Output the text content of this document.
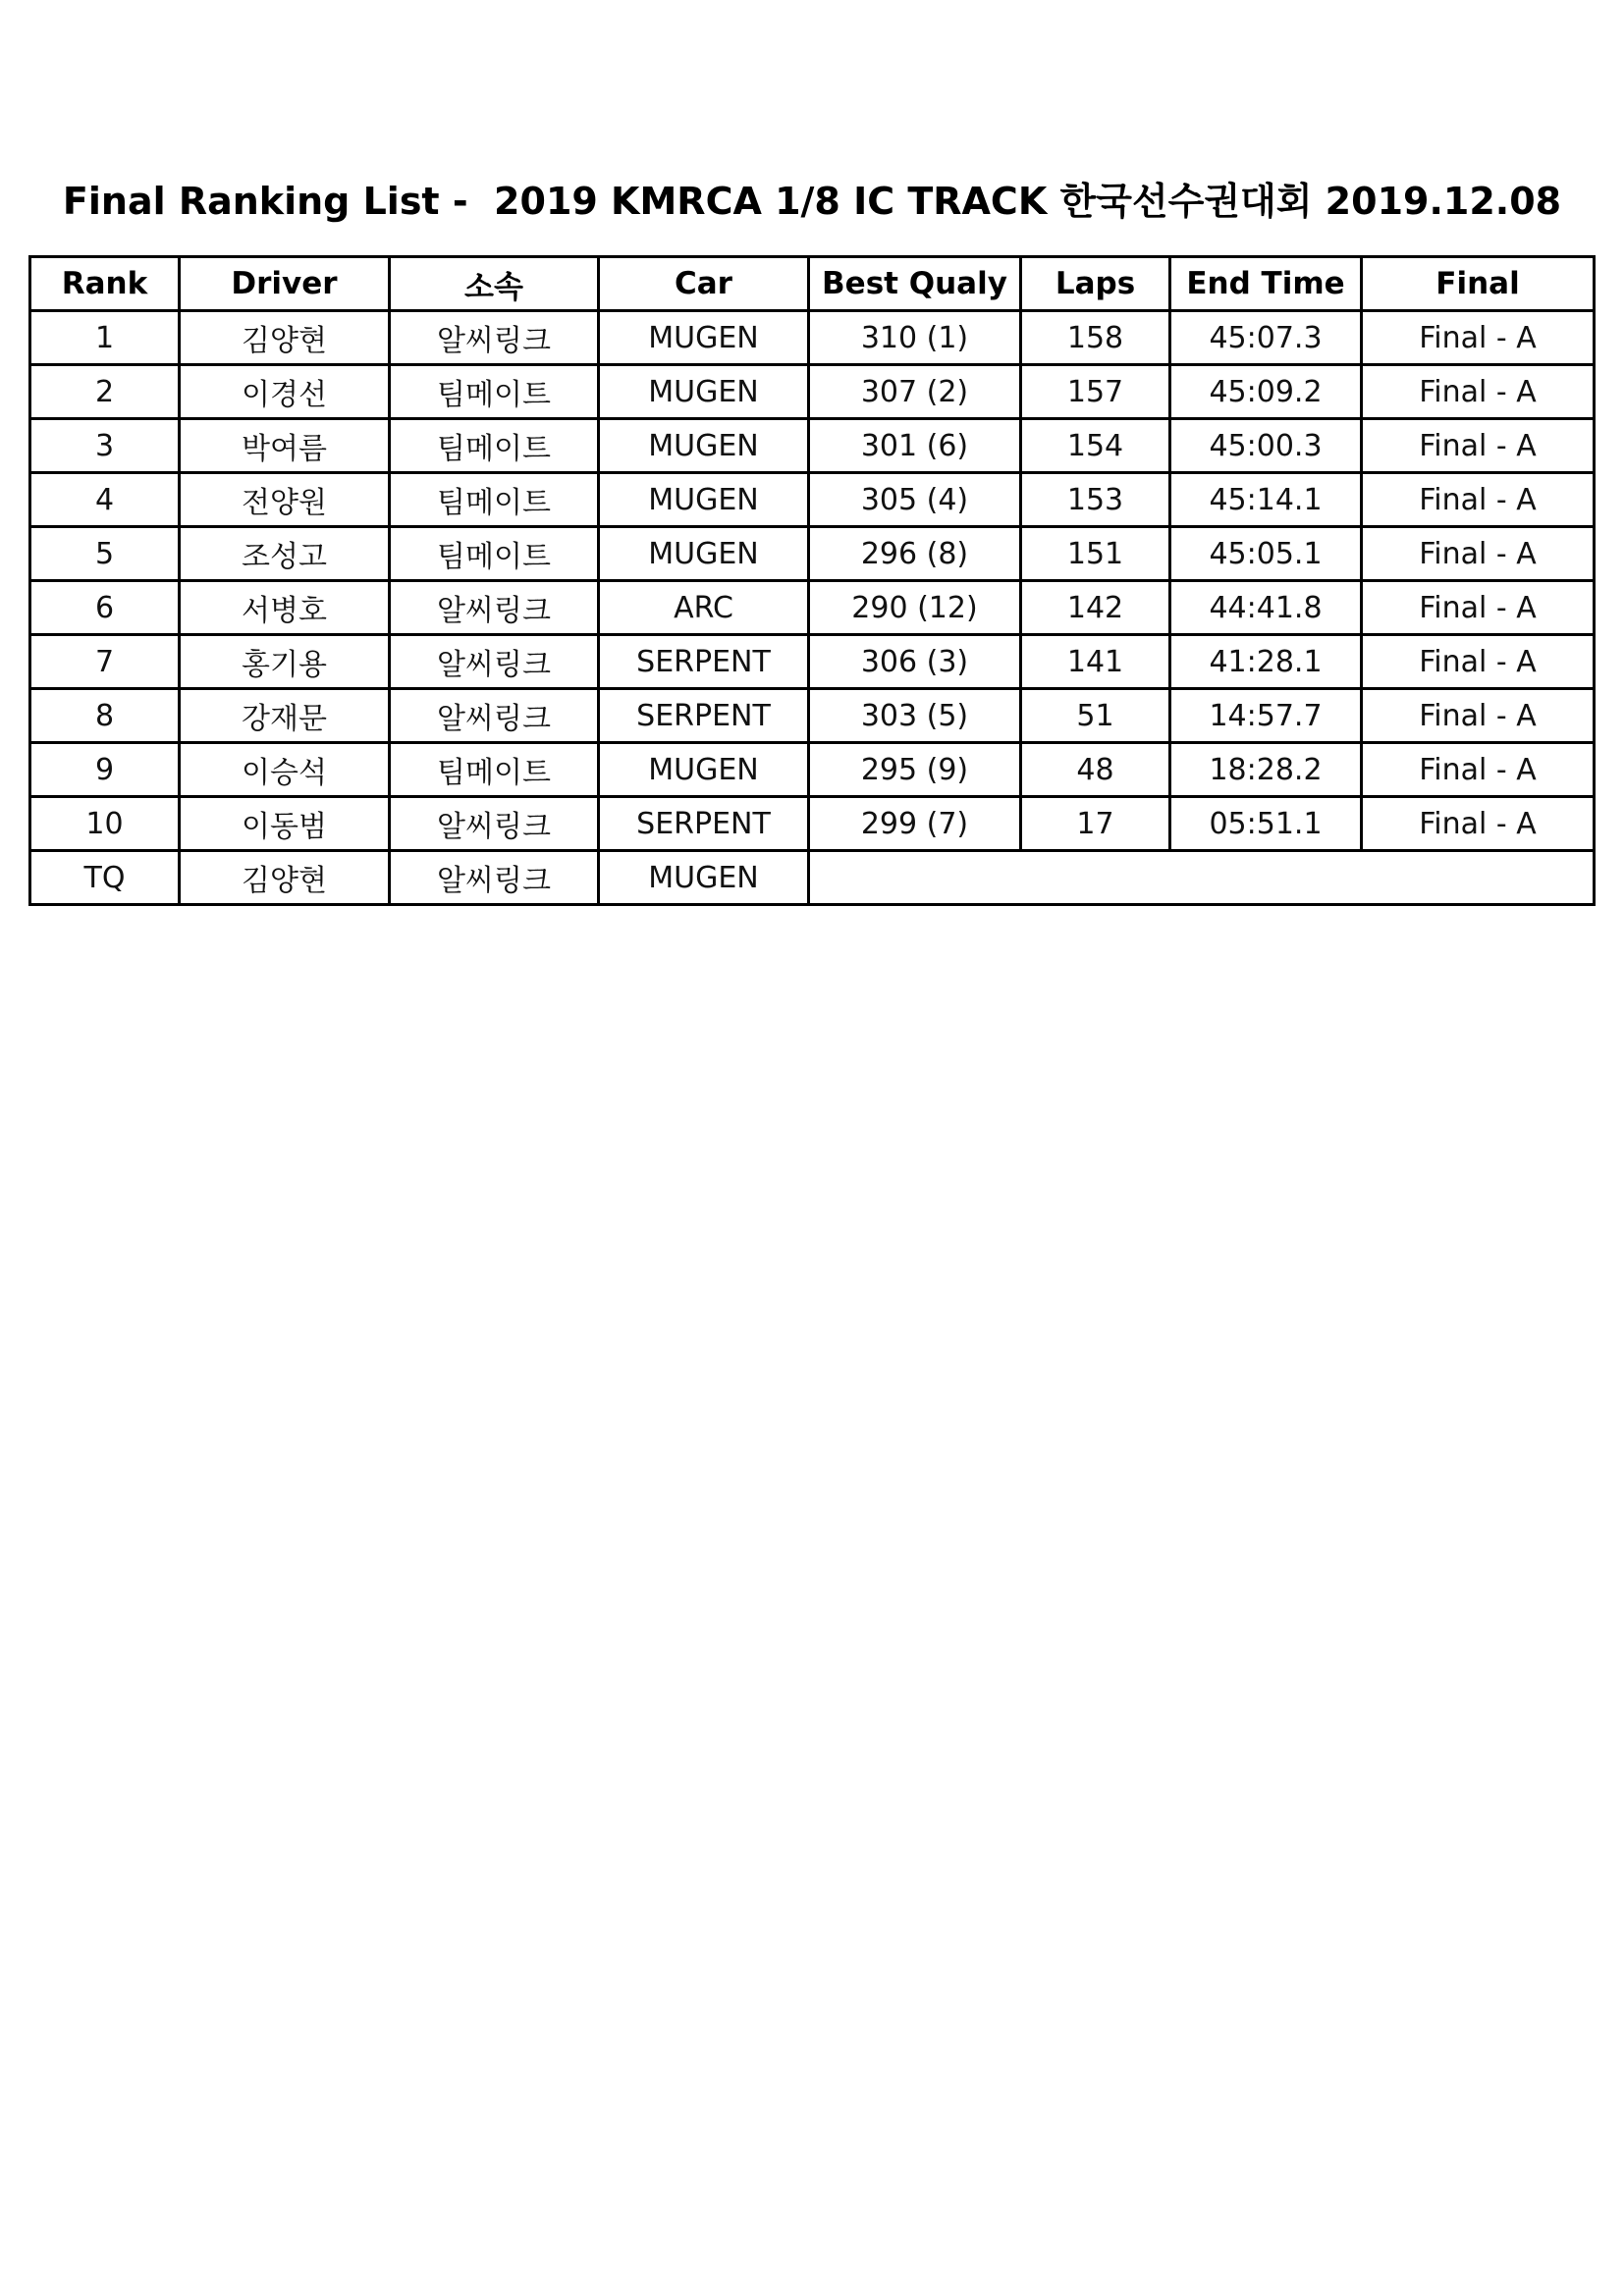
Final Ranking List -  2019 KMRCA 1/8 IC TRACK 한국선수권대회 2019.12.08
Rank	Driver	소속	Car	Best Qualy	Laps	End Time	Final
1	김양현	알씨링크	MUGEN	310 (1)	158	45:07.3	Final - A
2	이경선	팀메이트	MUGEN	307 (2)	157	45:09.2	Final - A
3	박여름	팀메이트	MUGEN	301 (6)	154	45:00.3	Final - A
4	전양원	팀메이트	MUGEN	305 (4)	153	45:14.1	Final - A
5	조성고	팀메이트	MUGEN	296 (8)	151	45:05.1	Final - A
6	서병호	알씨링크	ARC	290 (12)	142	44:41.8	Final - A
7	홍기용	알씨링크	SERPENT	306 (3)	141	41:28.1	Final - A
8	강재문	알씨링크	SERPENT	303 (5)	51	14:57.7	Final - A
9	이승석	팀메이트	MUGEN	295 (9)	48	18:28.2	Final - A
10	이동범	알씨링크	SERPENT	299 (7)	17	05:51.1	Final - A
TQ	김양현	알씨링크	MUGEN				
